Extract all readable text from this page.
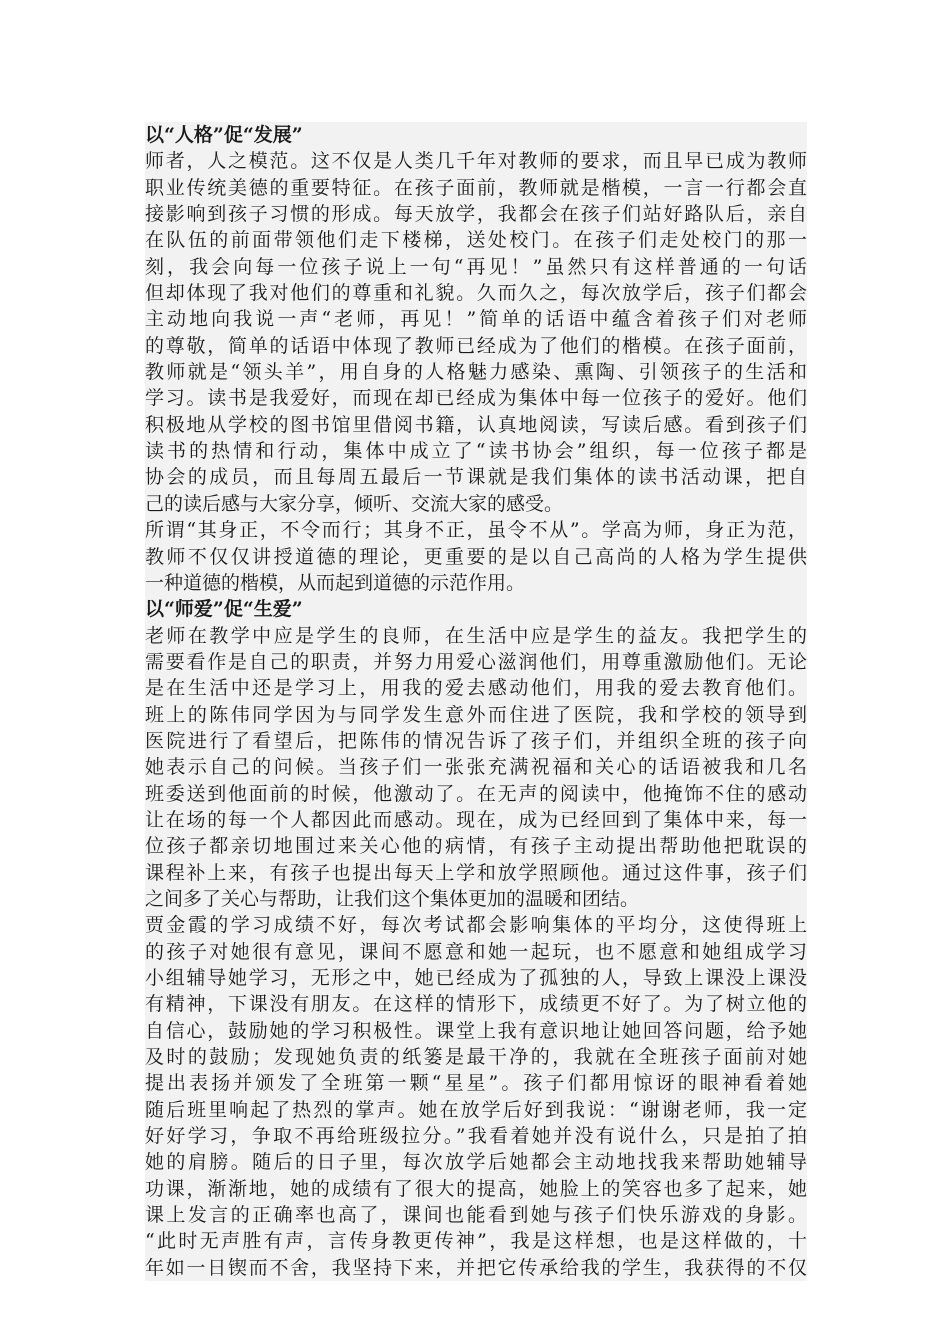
以“人格”促“发展”
师者，人之模范。这不仅是人类几千年对教师的要求，而且早已成为教师
职业传统美德的重要特征。在孩子面前，教师就是楷模，一言一行都会直
接影响到孩子习惯的形成。每天放学，我都会在孩子们站好路队后，亲自
在队伍的前面带领他们走下楼梯，送处校门。在孩子们走处校门的那一
刻，我会向每一位孩子说上一句“再见！”虽然只有这样普通的一句话
但却体现了我对他们的尊重和礼貌。久而久之，每次放学后，孩子们都会
主动地向我说一声“老师，再见！”简单的话语中蕴含着孩子们对老师
的尊敬，简单的话语中体现了教师已经成为了他们的楷模。在孩子面前，
教师就是“领头羊”，用自身的人格魅力感染、熏陶、引领孩子的生活和
学习。读书是我爱好，而现在却已经成为集体中每一位孩子的爱好。他们
积极地从学校的图书馆里借阅书籍，认真地阅读，写读后感。看到孩子们
读书的热情和行动，集体中成立了“读书协会”组织，每一位孩子都是
协会的成员，而且每周五最后一节课就是我们集体的读书活动课，把自
己的读后感与大家分享，倾听、交流大家的感受。
所谓“其身正，不令而行；其身不正，虽令不从”。学高为师，身正为范，
教师不仅仅讲授道德的理论，更重要的是以自己高尚的人格为学生提供
一种道德的楷模，从而起到道德的示范作用。
以“师爱”促“生爱”
老师在教学中应是学生的良师，在生活中应是学生的益友。我把学生的
需要看作是自己的职责，并努力用爱心滋润他们，用尊重激励他们。无论
是在生活中还是学习上，用我的爱去感动他们，用我的爱去教育他们。
班上的陈伟同学因为与同学发生意外而住进了医院，我和学校的领导到
医院进行了看望后，把陈伟的情况告诉了孩子们，并组织全班的孩子向
她表示自己的问候。当孩子们一张张充满祝福和关心的话语被我和几名
班委送到他面前的时候，他激动了。在无声的阅读中，他掩饰不住的感动
让在场的每一个人都因此而感动。现在，成为已经回到了集体中来，每一
位孩子都亲切地围过来关心他的病情，有孩子主动提出帮助他把耽误的
课程补上来，有孩子也提出每天上学和放学照顾他。通过这件事，孩子们
之间多了关心与帮助，让我们这个集体更加的温暖和团结。
贾金霞的学习成绩不好，每次考试都会影响集体的平均分，这使得班上
的孩子对她很有意见，课间不愿意和她一起玩，也不愿意和她组成学习
小组辅导她学习，无形之中，她已经成为了孤独的人，导致上课没上课没
有精神，下课没有朋友。在这样的情形下，成绩更不好了。为了树立他的
自信心，鼓励她的学习积极性。课堂上我有意识地让她回答问题，给予她
及时的鼓励；发现她负责的纸篓是最干净的，我就在全班孩子面前对她
提出表扬并颁发了全班第一颗“星星”。孩子们都用惊讶的眼神看着她
随后班里响起了热烈的掌声。她在放学后好到我说：“谢谢老师，我一定
好好学习，争取不再给班级拉分。”我看着她并没有说什么，只是拍了拍
她的肩膀。随后的日子里，每次放学后她都会主动地找我来帮助她辅导
功课，渐渐地，她的成绩有了很大的提高，她脸上的笑容也多了起来，她
课上发言的正确率也高了，课间也能看到她与孩子们快乐游戏的身影。
“此时无声胜有声，言传身教更传神”，我是这样想，也是这样做的，十
年如一日锲而不舍，我坚持下来，并把它传承给我的学生，我获得的不仅
